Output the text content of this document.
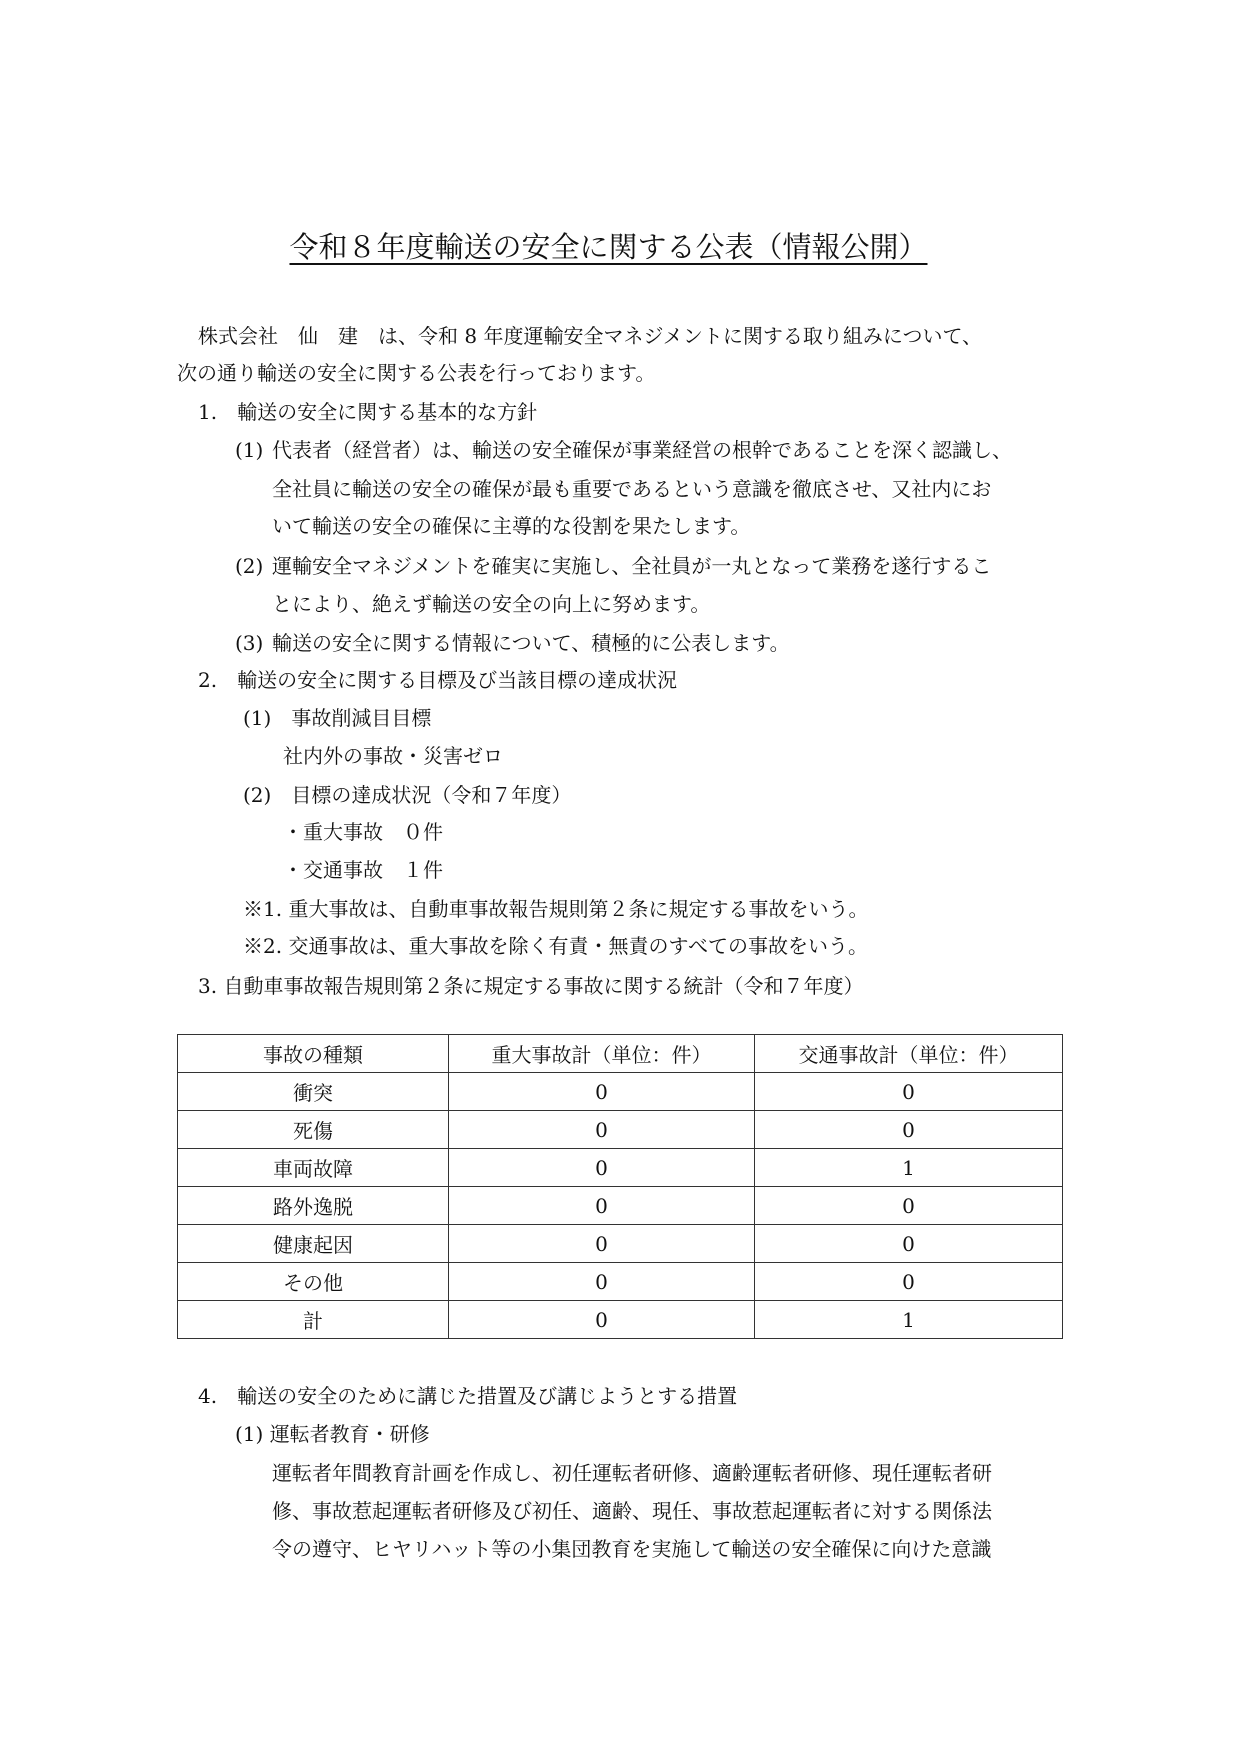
令和８年度輸送の安全に関する公表（情報公開）
株式会社　仙　建　は、令和 8 年度運輸安全マネジメントに関する取り組みについて、
次の通り輸送の安全に関する公表を行っております。
1.　輸送の安全に関する基本的な方針
(1) 代表者（経営者）は、輸送の安全確保が事業経営の根幹であることを深く認識し、
全社員に輸送の安全の確保が最も重要であるという意識を徹底させ、又社内にお
いて輸送の安全の確保に主導的な役割を果たします。
(2) 運輸安全マネジメントを確実に実施し、全社員が一丸となって業務を遂行するこ
とにより、絶えず輸送の安全の向上に努めます。
(3) 輸送の安全に関する情報について、積極的に公表します。
2.　輸送の安全に関する目標及び当該目標の達成状況
(1)　事故削減目目標
社内外の事故・災害ゼロ
(2)　目標の達成状況（令和７年度）
・重大事故　０件
・交通事故　１件
※1. 重大事故は、自動車事故報告規則第２条に規定する事故をいう。
※2. 交通事故は、重大事故を除く有責・無責のすべての事故をいう。
3. 自動車事故報告規則第２条に規定する事故に関する統計（令和７年度）
事故の種類	重大事故計（単位：件）	交通事故計（単位：件）
衝突	0	0
死傷	0	0
車両故障	0	1
路外逸脱	0	0
健康起因	0	0
その他	0	0
計	0	1
4.　輸送の安全のために講じた措置及び講じようとする措置
(1) 運転者教育・研修
運転者年間教育計画を作成し、初任運転者研修、適齢運転者研修、現任運転者研
修、事故惹起運転者研修及び初任、適齢、現任、事故惹起運転者に対する関係法
令の遵守、ヒヤリハット等の小集団教育を実施して輸送の安全確保に向けた意識
